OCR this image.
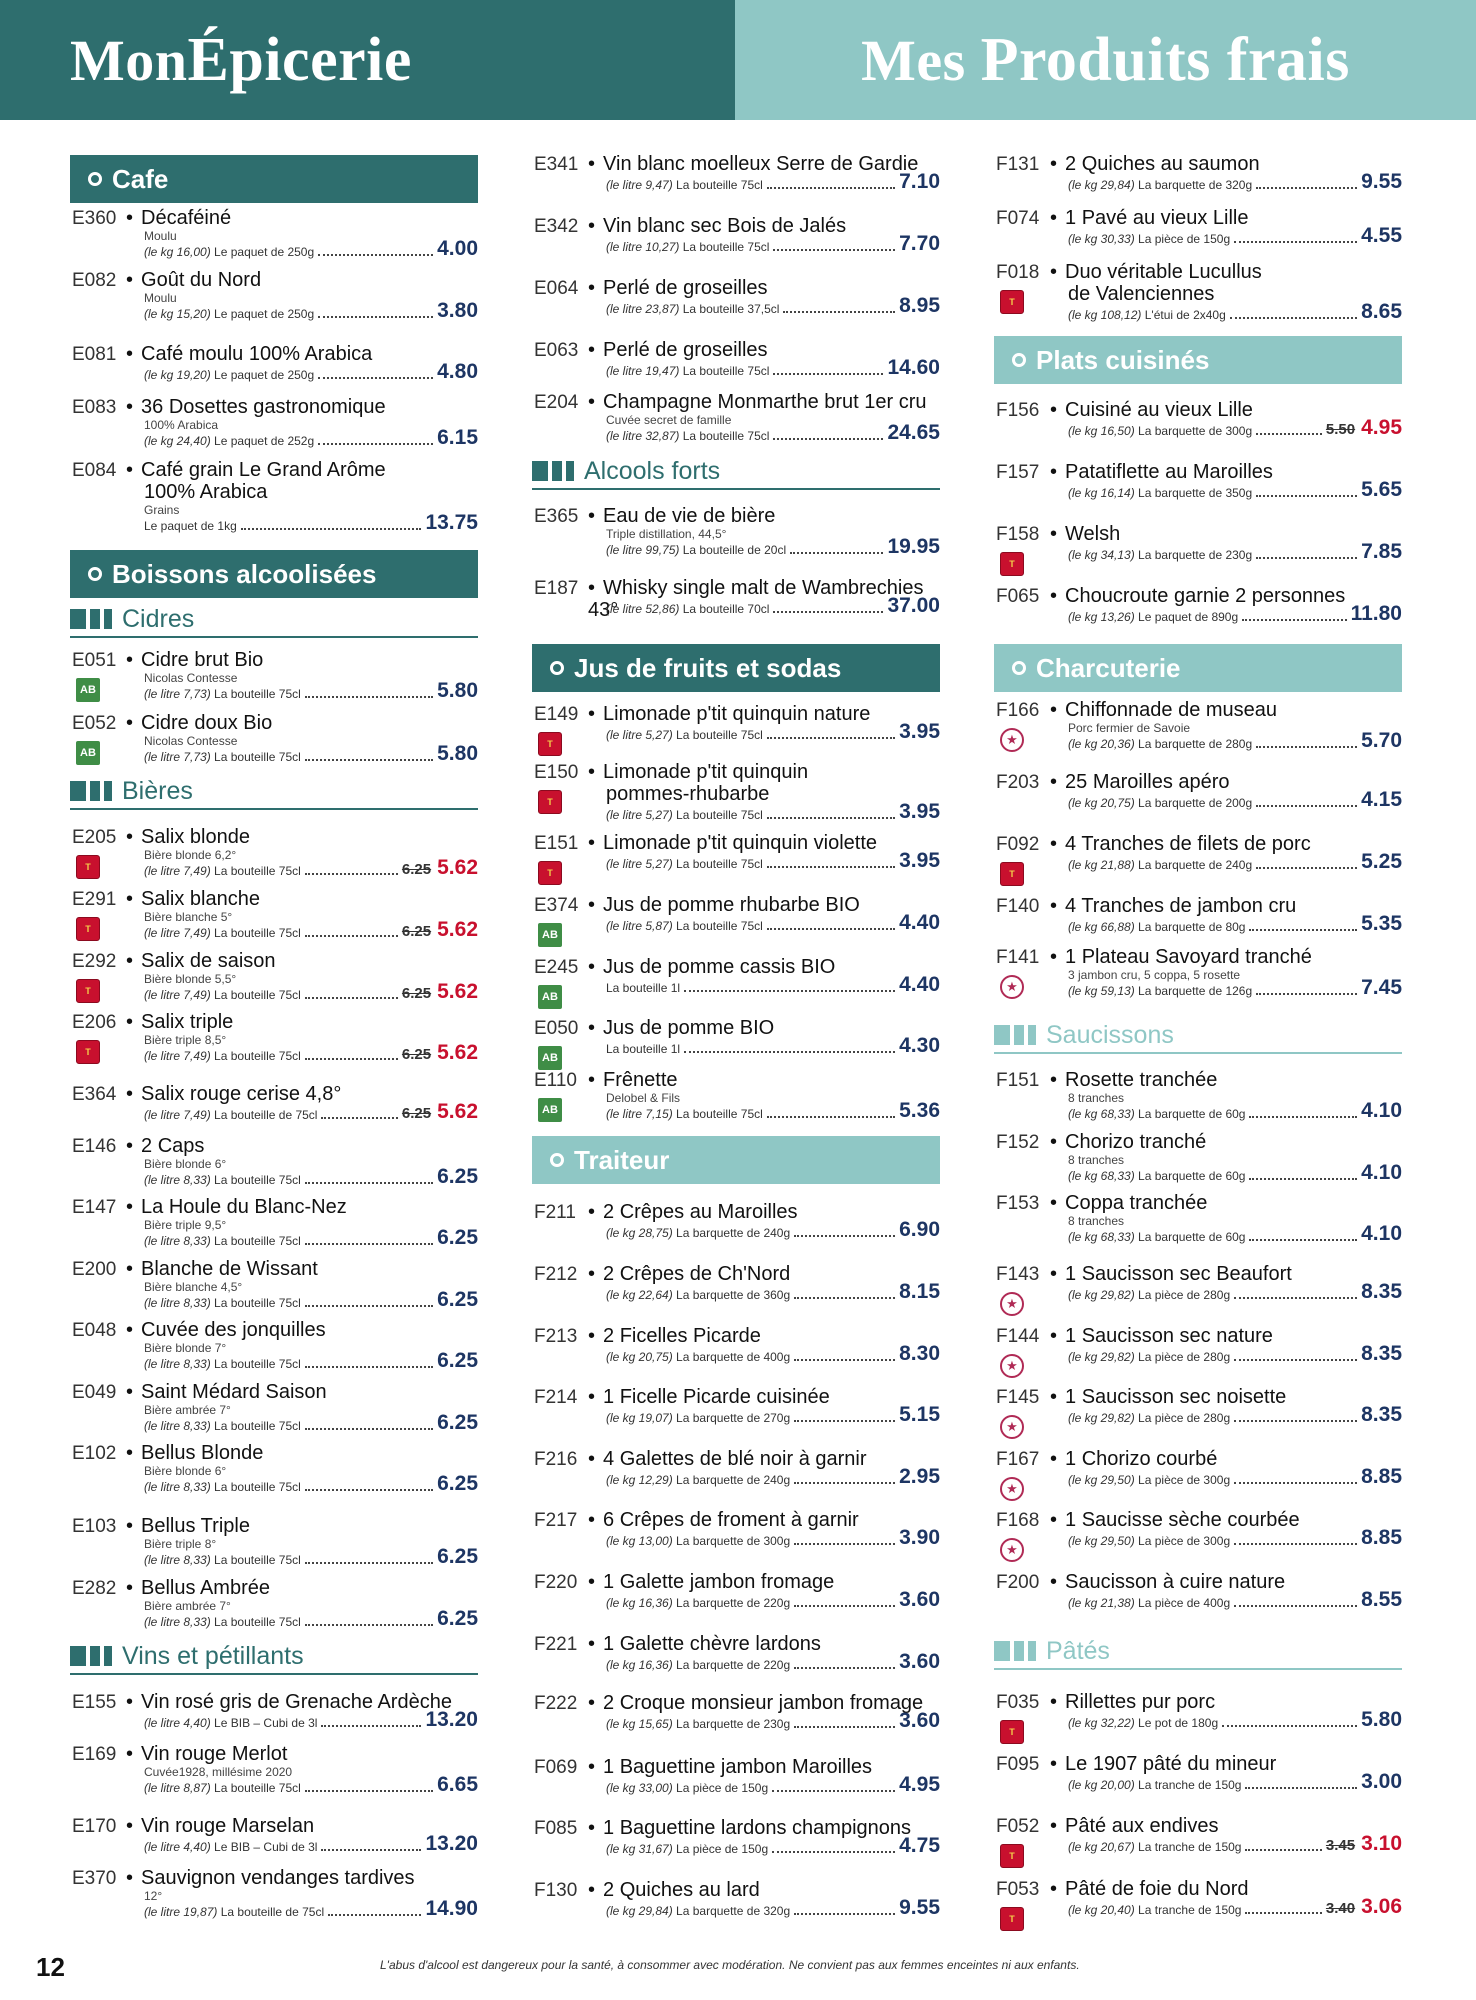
Mon Épicerie	Mes
Produits frais
Cafe
E360	• Décaféiné
Moulu
(le kg 16,00) Le paquet de 250g	4.00
E082	• Goût du Nord
Moulu
(le kg 15,20) Le paquet de 250g	3.80
E081	• Café moulu 100% Arabica
(le kg 19,20) Le paquet de 250g	4.80
E083	• 36 Dosettes gastronomique
100% Arabica
(le kg 24,40) Le paquet de 252g	6.15
E084	• Café grain Le Grand Arôme
100% Arabica
Grains
Le paquet de 1kg	13.75
Boissons alcoolisées
Cidres
E051
AB
• Cidre brut Bio
Nicolas Contesse
(le litre 7,73) La bouteille 75cl	5.80
E052
AB
• Cidre doux Bio
Nicolas Contesse
(le litre 7,73) La bouteille 75cl	5.80
Bières
E205
T
• Salix blonde
Bière blonde 6,2°
(le litre 7,49) La bouteille 75cl	6.25 5.62
E291
T
• Salix blanche
Bière blanche 5°
(le litre 7,49) La bouteille 75cl	6.25 5.62
E292
T
• Salix de saison
Bière blonde 5,5°
(le litre 7,49) La bouteille 75cl	6.25 5.62
E206
T
• Salix triple
Bière triple 8,5°
(le litre 7,49) La bouteille 75cl	6.25 5.62
E364	• Salix rouge cerise 4,8°
(le litre 7,49) La bouteille de 75cl	6.25 5.62
E146	• 2 Caps
Bière blonde 6°
(le litre 8,33) La bouteille 75cl	6.25
E147	• La Houle du Blanc-Nez
Bière triple 9,5°
(le litre 8,33) La bouteille 75cl	6.25
E200	• Blanche de Wissant
Bière blanche 4,5°
(le litre 8,33) La bouteille 75cl	6.25
E048	• Cuvée des jonquilles
Bière blonde 7°
(le litre 8,33) La bouteille 75cl	6.25
E049	• Saint Médard Saison
Bière ambrée 7°
(le litre 8,33) La bouteille 75cl	6.25
E102	• Bellus Blonde
Bière blonde 6°
(le litre 8,33) La bouteille 75cl	6.25
E103	• Bellus Triple
Bière triple 8°
(le litre 8,33) La bouteille 75cl	6.25
E282	• Bellus Ambrée
Bière ambrée 7°
(le litre 8,33) La bouteille 75cl	6.25
Vins et pétillants
E155	• Vin rosé gris de Grenache Ardèche
(le litre 4,40) Le BIB – Cubi de 3l	13.20
E169	• Vin rouge Merlot
Cuvée1928, millésime 2020
(le litre 8,87) La bouteille 75cl	6.65
E170	• Vin rouge Marselan
(le litre 4,40) Le BIB – Cubi de 3l	13.20
E370	• Sauvignon vendanges tardives
12°
(le litre 19,87) La bouteille de 75cl	14.90
E341	• Vin blanc moelleux Serre de Gardie
(le litre 9,47) La bouteille 75cl	7.10
E342	• Vin blanc sec Bois de Jalés
(le litre 10,27) La bouteille 75cl	7.70
E064	• Perlé de groseilles
(le litre 23,87) La bouteille 37,5cl	8.95
E063	• Perlé de groseilles
(le litre 19,47) La bouteille 75cl	14.60
E204	• Champagne Monmarthe brut 1er cru
Cuvée secret de famille
(le litre 32,87) La bouteille 75cl	24.65
Alcools forts
E365	• Eau de vie de bière
Triple distillation, 44,5°
(le litre 99,75) La bouteille de 20cl	19.95
E187	• Whisky single malt de Wambrechies 43°
(le litre 52,86) La bouteille 70cl	37.00
Jus de fruits et sodas
E149
T
• Limonade p'tit quinquin nature
(le litre 5,27) La bouteille 75cl	3.95
E150
T
• Limonade p'tit quinquin
pommes-rhubarbe
(le litre 5,27) La bouteille 75cl	3.95
E151
T
• Limonade p'tit quinquin violette
(le litre 5,27) La bouteille 75cl	3.95
E374
AB
• Jus de pomme rhubarbe BIO
(le litre 5,87) La bouteille 75cl	4.40
E245
AB
• Jus de pomme cassis BIO
La bouteille 1l	4.40
E050
AB
• Jus de pomme BIO
La bouteille 1l	4.30
E110
AB
• Frênette
Delobel & Fils
(le litre 7,15) La bouteille 75cl	5.36
Traiteur
F211	• 2 Crêpes au Maroilles
(le kg 28,75) La barquette de 240g	6.90
F212	• 2 Crêpes de Ch'Nord
(le kg 22,64) La barquette de 360g	8.15
F213	• 2 Ficelles Picarde
(le kg 20,75) La barquette de 400g	8.30
F214	• 1 Ficelle Picarde cuisinée
(le kg 19,07) La barquette de 270g	5.15
F216	• 4 Galettes de blé noir à garnir
(le kg 12,29) La barquette de 240g	2.95
F217	• 6 Crêpes de froment à garnir
(le kg 13,00) La barquette de 300g	3.90
F220	• 1 Galette jambon fromage
(le kg 16,36) La barquette de 220g	3.60
F221	• 1 Galette chèvre lardons
(le kg 16,36) La barquette de 220g	3.60
F222	• 2 Croque monsieur jambon fromage
(le kg 15,65) La barquette de 230g	3.60
F069	• 1 Baguettine jambon Maroilles
(le kg 33,00) La pièce de 150g	4.95
F085	• 1 Baguettine lardons champignons
(le kg 31,67) La pièce de 150g	4.75
F130	• 2 Quiches au lard
(le kg 29,84) La barquette de 320g	9.55
F131	• 2 Quiches au saumon
(le kg 29,84) La barquette de 320g	9.55
F074	• 1 Pavé au vieux Lille
(le kg 30,33) La pièce de 150g	4.55
F018
T
• Duo véritable Lucullus
de Valenciennes
(le kg 108,12) L'étui de 2x40g	8.65
Plats cuisinés
F156	• Cuisiné au vieux Lille
(le kg 16,50) La barquette de 300g	5.50 4.95
F157	• Patatiflette au Maroilles
(le kg 16,14) La barquette de 350g	5.65
F158
T
• Welsh
(le kg 34,13) La barquette de 230g	7.85
F065	• Choucroute garnie 2 personnes
(le kg 13,26) Le paquet de 890g	11.80
Charcuterie
F166
★
• Chiffonnade de museau
Porc fermier de Savoie
(le kg 20,36) La barquette de 280g	5.70
F203	• 25 Maroilles apéro
(le kg 20,75) La barquette de 200g	4.15
F092
T
• 4 Tranches de filets de porc
(le kg 21,88) La barquette de 240g	5.25
F140	• 4 Tranches de jambon cru
(le kg 66,88) La barquette de 80g	5.35
F141
★
• 1 Plateau Savoyard tranché
3 jambon cru, 5 coppa, 5 rosette
(le kg 59,13) La barquette de 126g	7.45
Saucissons
F151	• Rosette tranchée
8 tranches
(le kg 68,33) La barquette de 60g	4.10
F152	• Chorizo tranché
8 tranches
(le kg 68,33) La barquette de 60g	4.10
F153	• Coppa tranchée
8 tranches
(le kg 68,33) La barquette de 60g	4.10
F143
★
• 1 Saucisson sec Beaufort
(le kg 29,82) La pièce de 280g	8.35
F144
★
• 1 Saucisson sec nature
(le kg 29,82) La pièce de 280g	8.35
F145
★
• 1 Saucisson sec noisette
(le kg 29,82) La pièce de 280g	8.35
F167
★
• 1 Chorizo courbé
(le kg 29,50) La pièce de 300g	8.85
F168
★
• 1 Saucisse sèche courbée
(le kg 29,50) La pièce de 300g	8.85
F200	• Saucisson à cuire nature
(le kg 21,38) La pièce de 400g	8.55
Pâtés
F035
T
• Rillettes pur porc
(le kg 32,22) Le pot de 180g	5.80
F095	• Le 1907 pâté du mineur
(le kg 20,00) La tranche de 150g	3.00
F052
T
• Pâté aux endives
(le kg 20,67) La tranche de 150g	3.45 3.10
F053
T
• Pâté de foie du Nord
(le kg 20,40) La tranche de 150g	3.40 3.06
12	L'abus d'alcool est dangereux pour la santé, à consommer avec modération. Ne convient pas aux femmes enceintes ni aux enfants.
